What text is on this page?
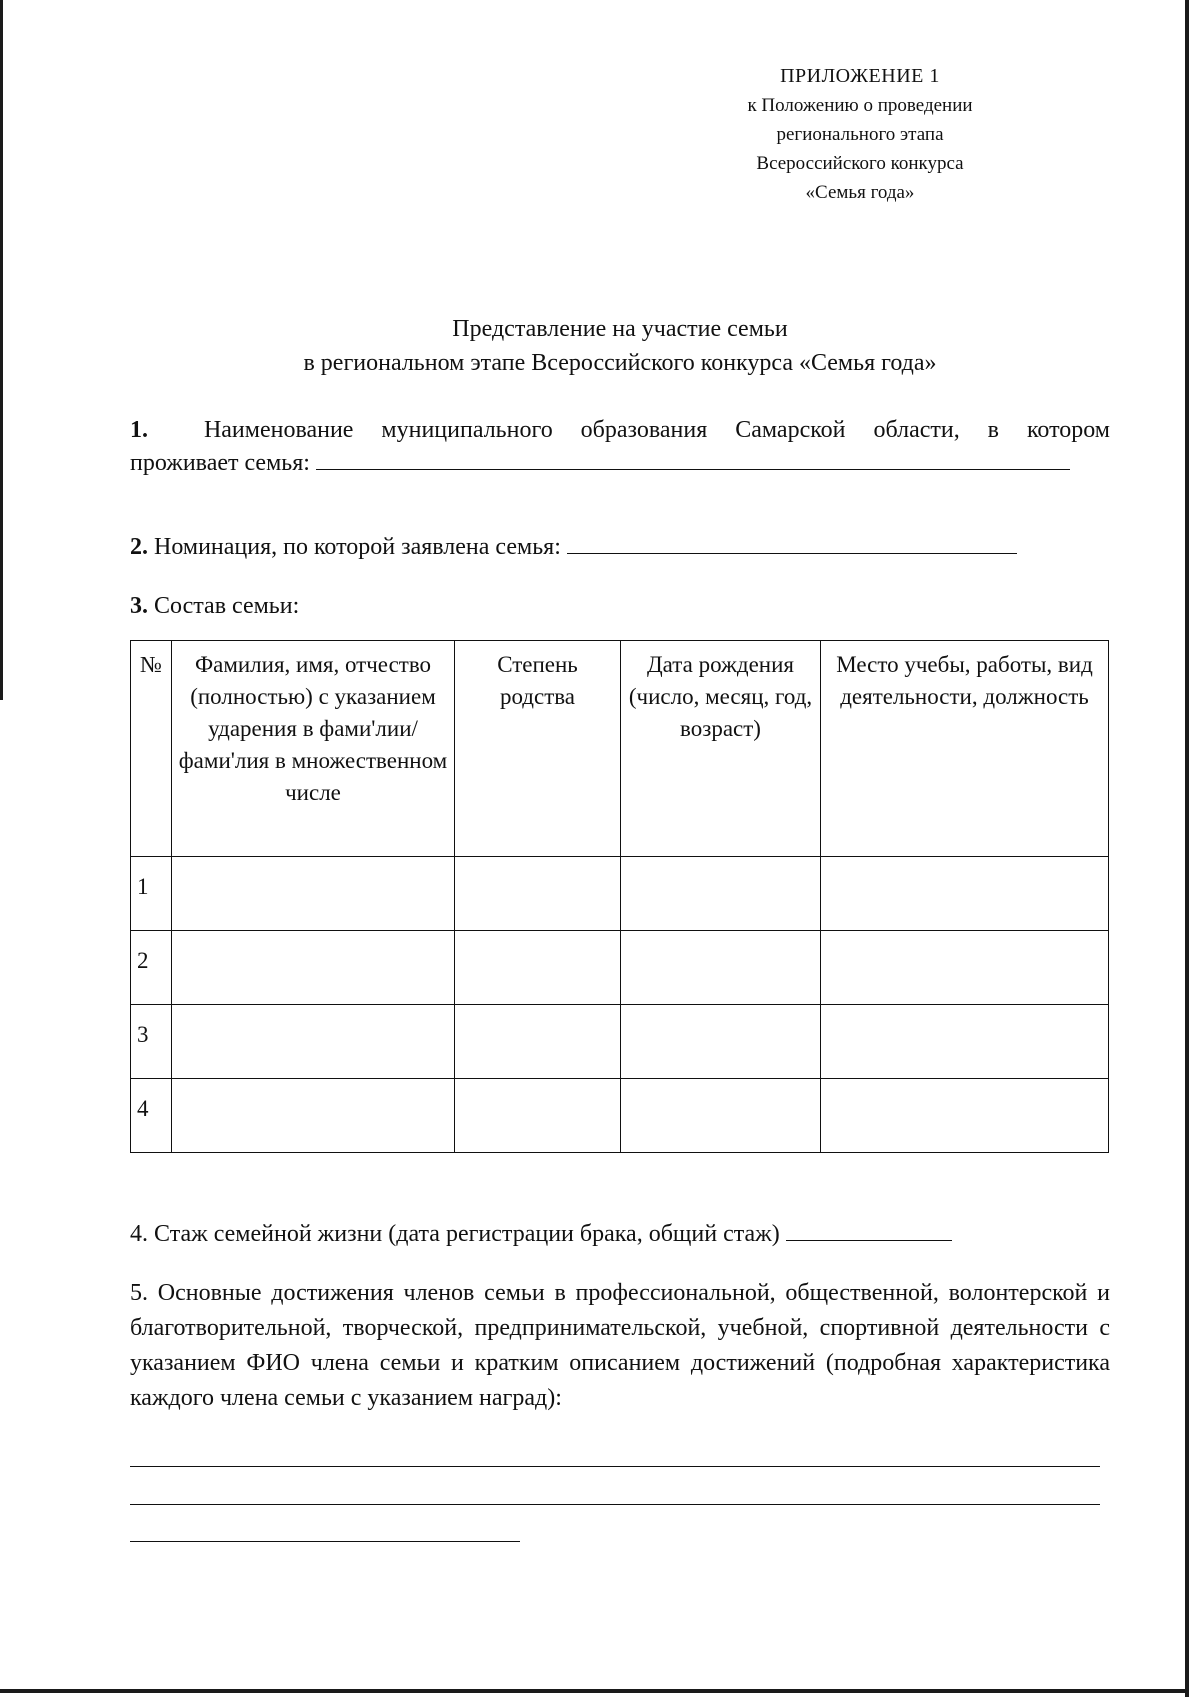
ПРИЛОЖЕНИЕ 1
к Положению о проведении
регионального этапа
Всероссийского конкурса
«Семья года»
Представление на участие семьи
в региональном этапе Всероссийского конкурса «Семья года»
1. Наименование муниципального образования Самарской области, в котором
проживает семья:
2. Номинация, по которой заявлена семья:
3. Состав семьи:
№	Фамилия, имя, отчество (полностью) с указанием ударения в фами'лии/ фами'лия в множественном числе	Степень родства	Дата рождения (число, месяц, год, возраст)	Место учебы, работы, вид деятельности, должность
1				
2				
3				
4				
4. Стаж семейной жизни (дата регистрации брака, общий стаж)
5. Основные достижения членов семьи в профессиональной, общественной, волонтерской и благотворительной, творческой, предпринимательской, учебной, спортивной деятельности с указанием ФИО члена семьи и кратким описанием достижений (подробная характеристика каждого члена семьи с указанием наград):
